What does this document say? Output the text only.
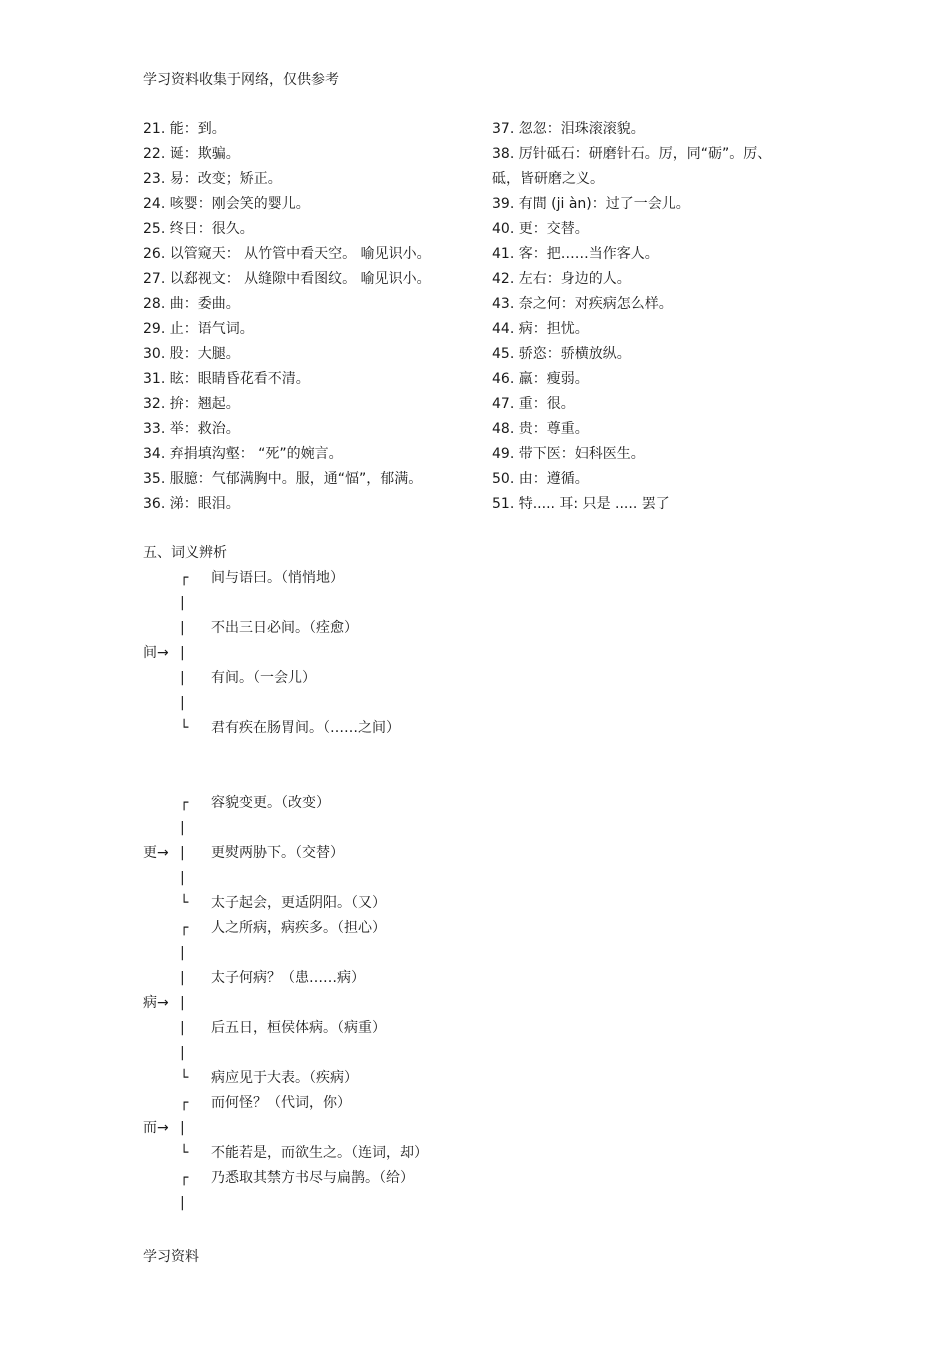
学习资料收集于网络，仅供参考
21. 能：到。
22. 诞：欺骗。
23. 易：改变；矫正。
24. 咳婴：刚会笑的婴儿。
25. 终日：很久。
26. 以管窥天： 从竹管中看天空。 喻见识小。
27. 以郄视文： 从缝隙中看图纹。 喻见识小。
28. 曲：委曲。
29. 止：语气词。
30. 股：大腿。
31. 眩：眼睛昏花看不清。
32. 拚：翘起。
33. 举：救治。
34. 弃捐填沟壑： “死”的婉言。
35. 服臆：气郁满胸中。服，通“愊”，郁满。
36. 涕：眼泪。
37. 忽忽：泪珠滚滚貌。
38. 厉针砥石：研磨针石。厉，同“砺”。厉、砥，皆研磨之义。
39. 有間 (ji àn)：过了一会儿。
40. 更：交替。
41. 客：把……当作客人。
42. 左右：身边的人。
43. 奈之何：对疾病怎么样。
44. 病：担忧。
45. 骄恣：骄横放纵。
46. 羸：瘦弱。
47. 重：很。
48. 贵：尊重。
49. 带下医：妇科医生。
50. 由：遵循。
51. 特..... 耳: 只是 ..... 罢了
五、词义辨析
┌ 间与语曰。（悄悄地）
|
| 不出三日必间。（痊愈）
间→ |
| 有间。（一会儿）
|
└ 君有疾在肠胃间。（……之间）
┌ 容貌变更。（改变）
|
更→ | 更熨两胁下。（交替）
|
└ 太子起会，更适阴阳。（又）
┌ 人之所病，病疾多。（担心）
|
| 太子何病？（患……病）
病→ |
| 后五日，桓侯体病。（病重）
|
└ 病应见于大表。（疾病）
┌ 而何怪？（代词，你）
而→ |
└ 不能若是，而欲生之。（连词，却）
┌ 乃悉取其禁方书尽与扁鹊。（给）
|
学习资料
